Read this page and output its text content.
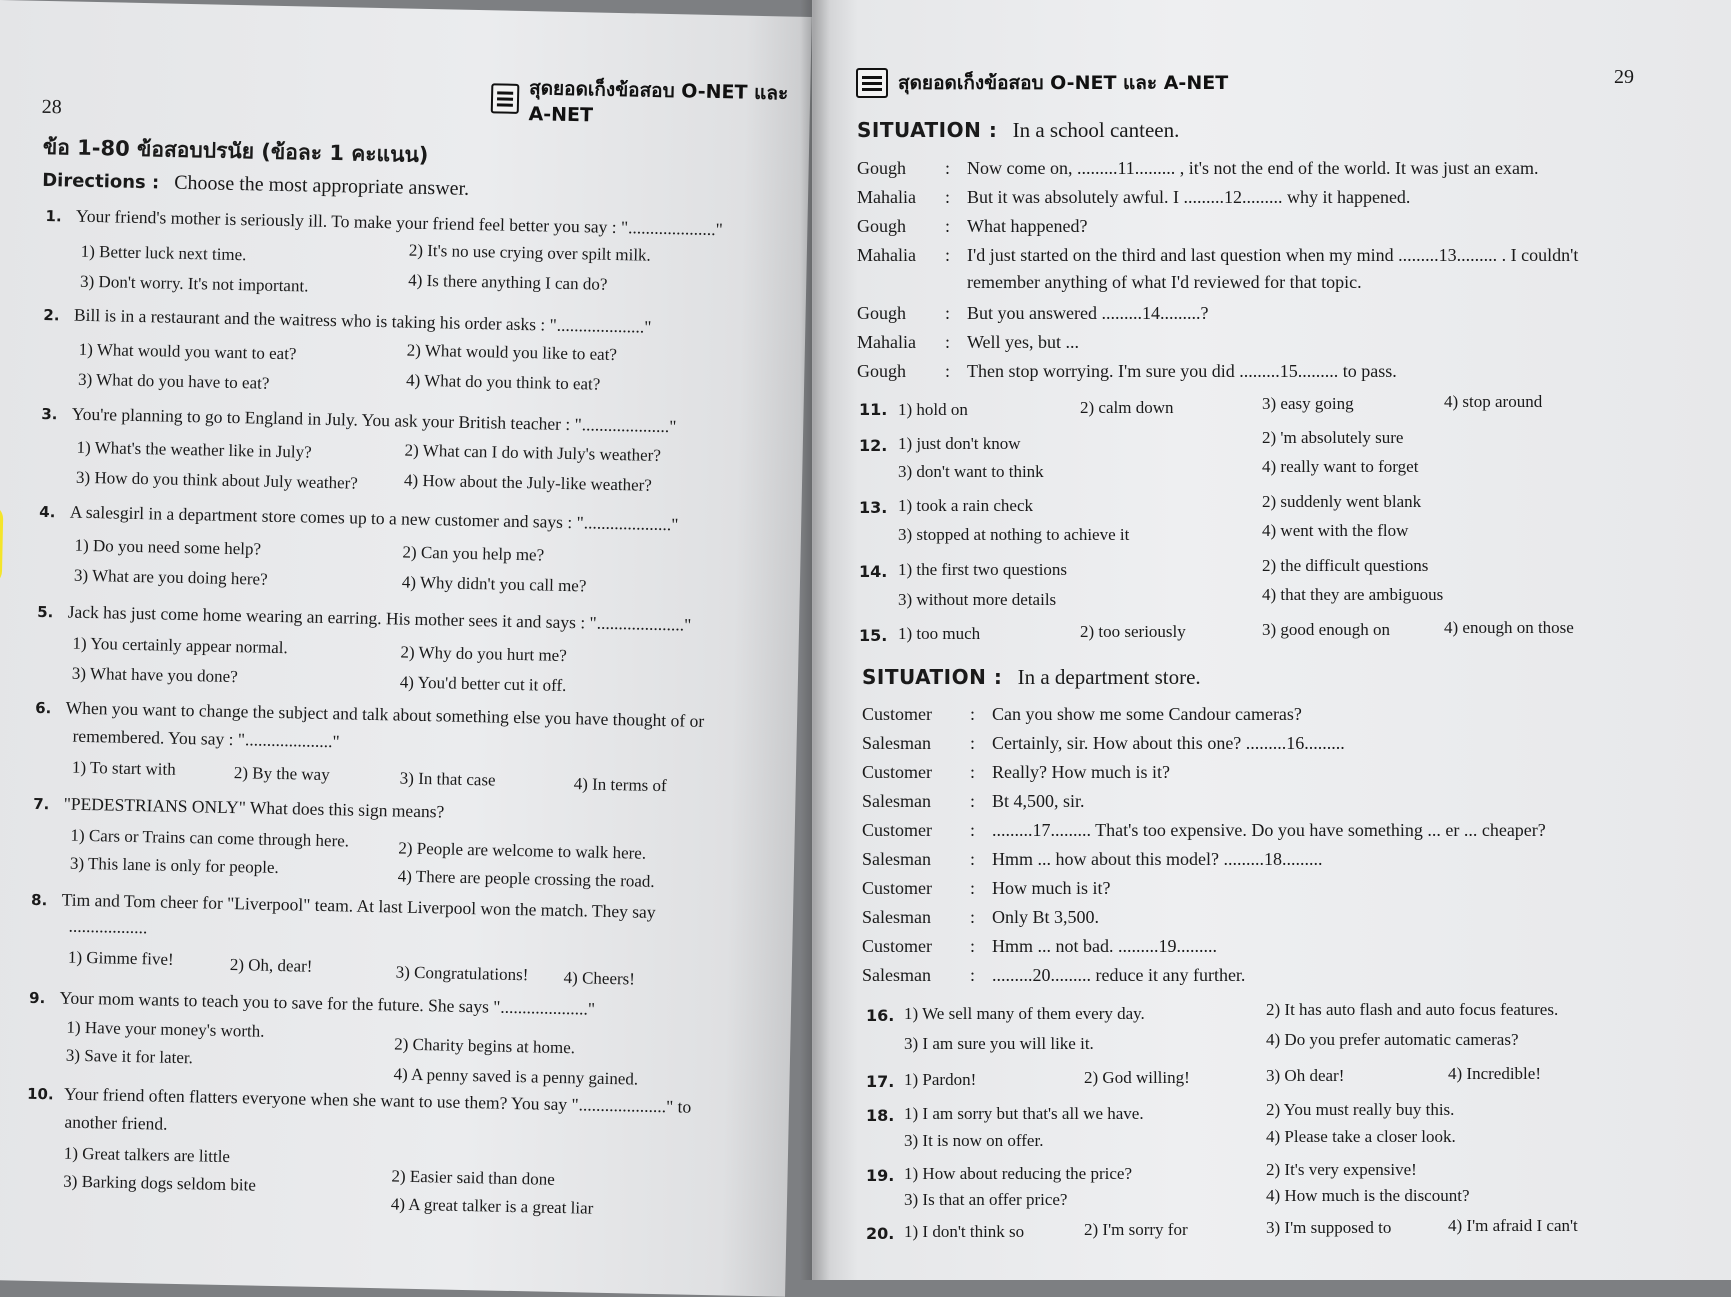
สุดยอดเก็งข้อสอบ O-NET และ A-NET
28
ข้อ 1-80 ข้อสอบปรนัย (ข้อละ 1 คะแนน)
Directions : Choose the most appropriate answer.
1. Your friend's mother is seriously ill. To make your friend feel better you say : "...................."
1) Better luck next time.	2) It's no use crying over spilt milk.
3) Don't worry. It's not important.	4) Is there anything I can do?
2. Bill is in a restaurant and the waitress who is taking his order asks : "...................."
1) What would you want to eat?	2) What would you like to eat?
3) What do you have to eat?	4) What do you think to eat?
3. You're planning to go to England in July. You ask your British teacher : "...................."
1) What's the weather like in July?	2) What can I do with July's weather?
3) How do you think about July weather?	4) How about the July-like weather?
4. A salesgirl in a department store comes up to a new customer and says : "...................."
1) Do you need some help?	2) Can you help me?
3) What are you doing here?	4) Why didn't you call me?
5. Jack has just come home wearing an earring. His mother sees it and says : "...................."
1) You certainly appear normal.	2) Why do you hurt me?
3) What have you done?	4) You'd better cut it off.
6. When you want to change the subject and talk about something else you have thought of or
remembered. You say : "...................."
1) To start with	2) By the way	3) In that case	4) In terms of
7. "PEDESTRIANS ONLY" What does this sign means?
1) Cars or Trains can come through here.
2) People are welcome to walk here.
3) This lane is only for people.
4) There are people crossing the road.
8. Tim and Tom cheer for "Liverpool" team. At last Liverpool won the match. They say
..................
1) Gimme five!	2) Oh, dear!	3) Congratulations! 4) Cheers!
9. Your mom wants to teach you to save for the future. She says "...................."
1) Have your money's worth.
2) Charity begins at home.
3) Save it for later.
4) A penny saved is a penny gained.
10. Your friend often flatters everyone when she want to use them? You say "...................." to
another friend.
1) Great talkers are little
2) Easier said than done
3) Barking dogs seldom bite
4) A great talker is a great liar
สุดยอดเก็งข้อสอบ O-NET และ A-NET	29
SITUATION : In a school canteen.
Gough	: Now come on, .........11......... , it's not the end of the world. It was just an exam.
Mahalia	: But it was absolutely awful. I .........12......... why it happened.
Gough	: What happened?
Mahalia	: I'd just started on the third and last question when my mind .........13......... . I couldn't
remember anything of what I'd reviewed for that topic.
Gough	: But you answered .........14.........?
Mahalia	: Well yes, but ...
Gough	: Then stop worrying. I'm sure you did .........15......... to pass.
11. 1) hold on	2) calm down	3) easy going	4) stop around
12. 1) just don't know	2) 'm absolutely sure
3) don't want to think	4) really want to forget
13. 1) took a rain check	2) suddenly went blank
3) stopped at nothing to achieve it	4) went with the flow
14. 1) the first two questions	2) the difficult questions
3) without more details	4) that they are ambiguous
15. 1) too much	2) too seriously	3) good enough on	4) enough on those
SITUATION : In a department store.
Customer	: Can you show me some Candour cameras?
Salesman	: Certainly, sir. How about this one? .........16.........
Customer	: Really? How much is it?
Salesman	: Bt 4,500, sir.
Customer	: .........17......... That's too expensive. Do you have something ... er ... cheaper?
Salesman	: Hmm ... how about this model? .........18.........
Customer	: How much is it?
Salesman	: Only Bt 3,500.
Customer	: Hmm ... not bad. .........19.........
Salesman	: .........20......... reduce it any further.
16. 1) We sell many of them every day.	2) It has auto flash and auto focus features.
3) I am sure you will like it.	4) Do you prefer automatic cameras?
17. 1) Pardon!	2) God willing!	3) Oh dear!	4) Incredible!
18. 1) I am sorry but that's all we have.	2) You must really buy this.
3) It is now on offer.	4) Please take a closer look.
19. 1) How about reducing the price?	2) It's very expensive!
3) Is that an offer price?	4) How much is the discount?
20. 1) I don't think so	2) I'm sorry for	3) I'm supposed to	4) I'm afraid I can't
